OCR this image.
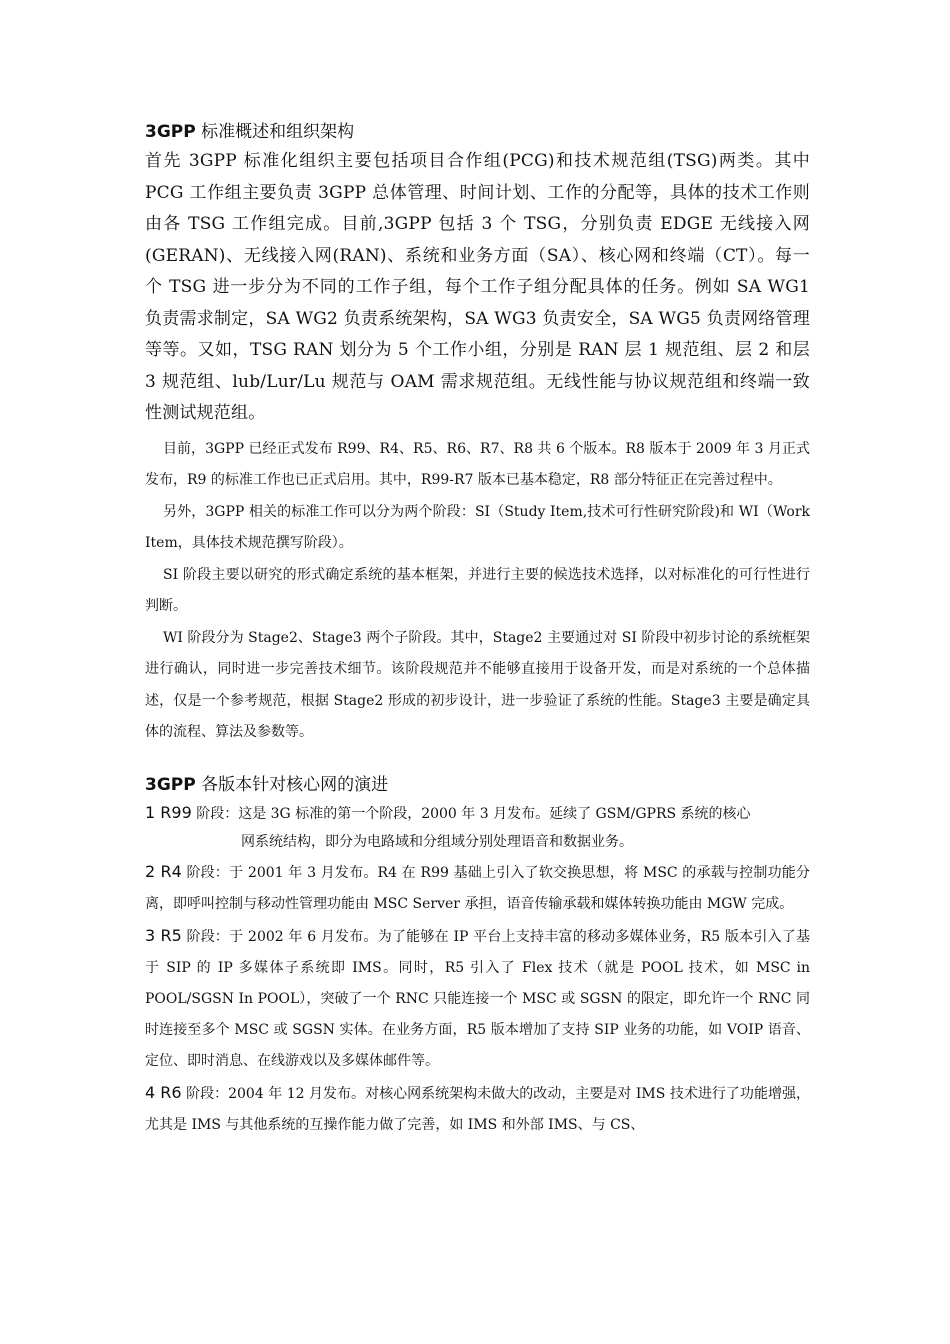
3GPP 标准概述和组织架构

首先 3GPP 标准化组织主要包括项目合作组(PCG)和技术规范组(TSG)两类。其中 PCG 工作组主要负责 3GPP 总体管理、时间计划、工作的分配等，具体的技术工作则由各 TSG 工作组完成。目前,3GPP 包括 3 个 TSG，分别负责 EDGE 无线接入网(GERAN)、无线接入网(RAN)、系统和业务方面（SA）、核心网和终端（CT）。每一个 TSG 进一步分为不同的工作子组，每个工作子组分配具体的任务。例如 SA WG1 负责需求制定，SA WG2 负责系统架构，SA WG3 负责安全，SA WG5 负责网络管理等等。又如，TSG RAN 划分为 5 个工作小组，分别是 RAN 层 1 规范组、层 2 和层 3 规范组、lub/Lur/Lu 规范与 OAM 需求规范组。无线性能与协议规范组和终端一致性测试规范组。

目前，3GPP 已经正式发布 R99、R4、R5、R6、R7、R8 共 6 个版本。R8 版本于 2009 年 3 月正式发布，R9 的标准工作也已正式启用。其中，R99-R7 版本已基本稳定，R8 部分特征正在完善过程中。

另外，3GPP 相关的标准工作可以分为两个阶段：SI（Study Item,技术可行性研究阶段)和 WI（Work Item，具体技术规范撰写阶段）。

SI 阶段主要以研究的形式确定系统的基本框架，并进行主要的候选技术选择，以对标准化的可行性进行判断。

WI 阶段分为 Stage2、Stage3 两个子阶段。其中，Stage2 主要通过对 SI 阶段中初步讨论的系统框架进行确认，同时进一步完善技术细节。该阶段规范并不能够直接用于设备开发，而是对系统的一个总体描述，仅是一个参考规范，根据 Stage2 形成的初步设计，进一步验证了系统的性能。Stage3 主要是确定具体的流程、算法及参数等。

3GPP 各版本针对核心网的演进

1 R99 阶段：这是 3G 标准的第一个阶段，2000 年 3 月发布。延续了 GSM/GPRS 系统的核心
网系统结构，即分为电路域和分组域分别处理语音和数据业务。

2 R4 阶段：于 2001 年 3 月发布。R4 在 R99 基础上引入了软交换思想，将 MSC 的承载与控制功能分离，即呼叫控制与移动性管理功能由 MSC Server 承担，语音传输承载和媒体转换功能由 MGW 完成。

3 R5 阶段：于 2002 年 6 月发布。为了能够在 IP 平台上支持丰富的移动多媒体业务，R5 版本引入了基于 SIP 的 IP 多媒体子系统即 IMS。同时，R5 引入了 Flex 技术（就是 POOL 技术，如 MSC in POOL/SGSN In POOL），突破了一个 RNC 只能连接一个 MSC 或 SGSN 的限定，即允许一个 RNC 同时连接至多个 MSC 或 SGSN 实体。在业务方面，R5 版本增加了支持 SIP 业务的功能，如 VOIP 语音、定位、即时消息、在线游戏以及多媒体邮件等。

4 R6 阶段：2004 年 12 月发布。对核心网系统架构未做大的改动，主要是对 IMS 技术进行了功能增强，尤其是 IMS 与其他系统的互操作能力做了完善，如 IMS 和外部 IMS、与 CS、
